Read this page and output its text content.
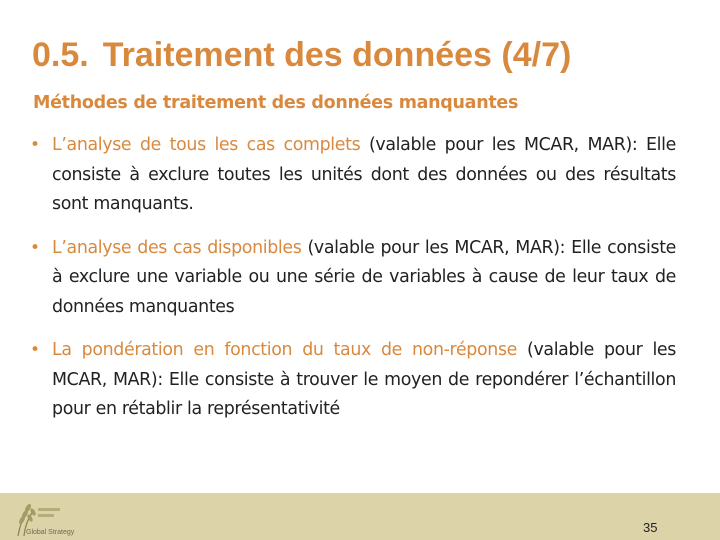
0.5. Traitement des données (4/7)
Méthodes de traitement des données manquantes
• L’analyse de tous les cas complets (valable pour les MCAR, MAR): Elle consiste à exclure toutes les unités dont des données ou des résultats sont manquants.
• L’analyse des cas disponibles (valable pour les MCAR, MAR): Elle consiste à exclure une variable ou une série de variables à cause de leur taux de données manquantes
• La pondération en fonction du taux de non-réponse (valable pour les MCAR, MAR): Elle consiste à trouver le moyen de repondérer l’échantillon pour en rétablir la représentativité
Global Strategy	35
